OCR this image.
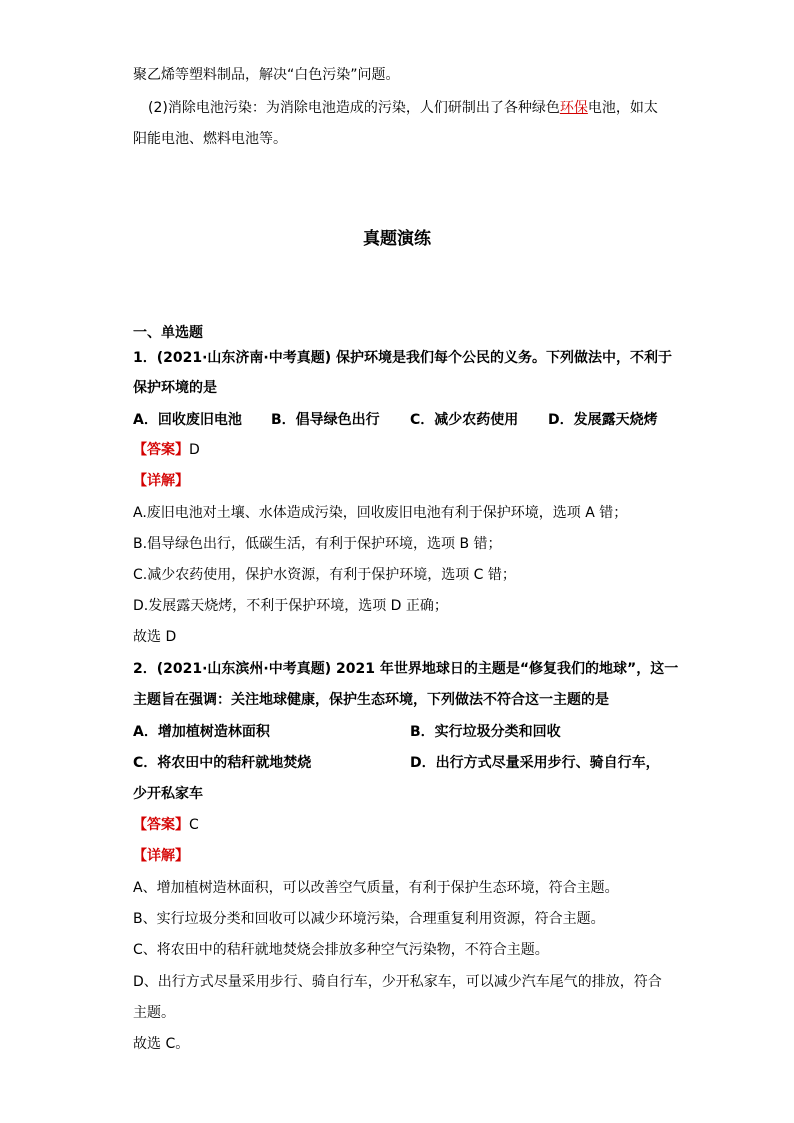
聚乙烯等塑料制品，解决“白色污染”问题。
(2)消除电池污染：为消除电池造成的污染，人们研制出了各种绿色环保电池，如太
阳能电池、燃料电池等。
真题演练
一、单选题
1．(2021·山东济南·中考真题) 保护环境是我们每个公民的义务。下列做法中，不利于
保护环境的是
A．回收废旧电池 B．倡导绿色出行 C．减少农药使用 D．发展露天烧烤
【答案】D
【详解】
A.废旧电池对土壤、水体造成污染，回收废旧电池有利于保护环境，选项 A 错；
B.倡导绿色出行，低碳生活，有利于保护环境，选项 B 错；
C.减少农药使用，保护水资源，有利于保护环境，选项 C 错；
D.发展露天烧烤，不利于保护环境，选项 D 正确；
故选 D
2．(2021·山东滨州·中考真题) 2021 年世界地球日的主题是“修复我们的地球”，这一
主题旨在强调：关注地球健康，保护生态环境，下列做法不符合这一主题的是
A．增加植树造林面积	B．实行垃圾分类和回收
C．将农田中的秸秆就地焚烧	D．出行方式尽量采用步行、骑自行车，
少开私家车
【答案】C
【详解】
A、增加植树造林面积，可以改善空气质量，有利于保护生态环境，符合主题。
B、实行垃圾分类和回收可以减少环境污染，合理重复利用资源，符合主题。
C、将农田中的秸秆就地焚烧会排放多种空气污染物，不符合主题。
D、出行方式尽量采用步行、骑自行车，少开私家车，可以减少汽车尾气的排放，符合
主题。
故选 C。
